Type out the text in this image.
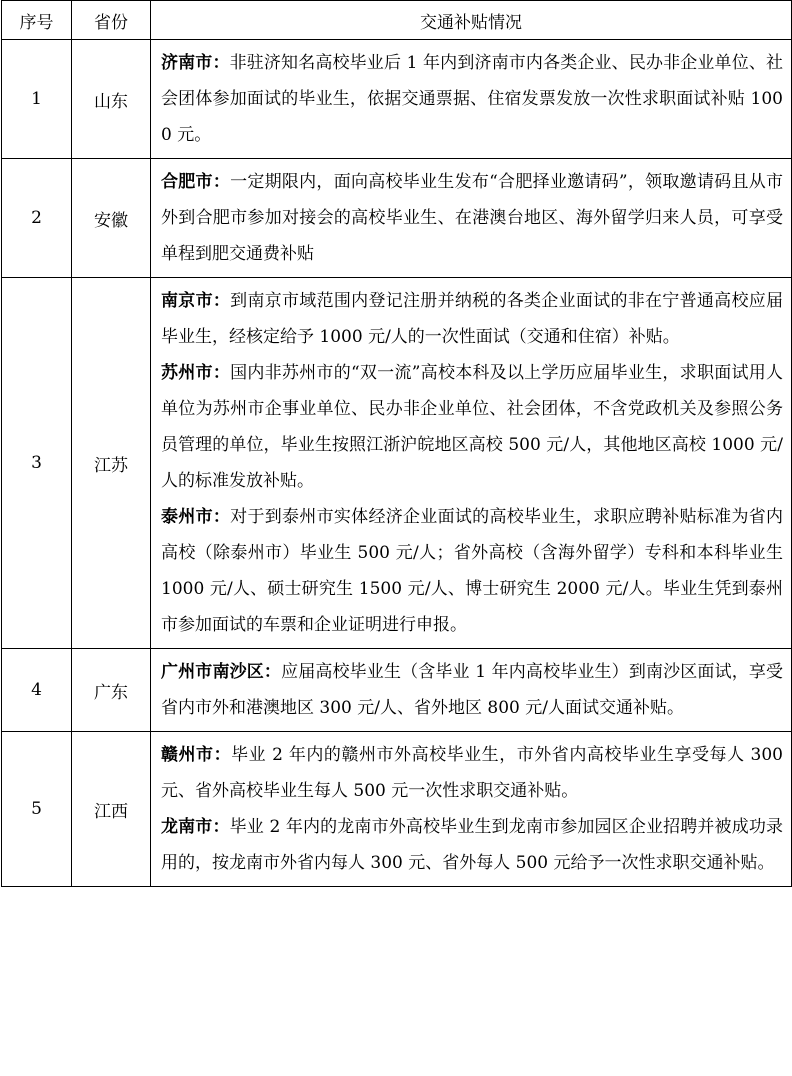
序号	省份	交通补贴情况
1	山东	济南市：非驻济知名高校毕业后 1 年内到济南市内各类企业、民办非企业单位、社会团体参加面试的毕业生，依据交通票据、住宿发票发放一次性求职面试补贴 1000 元。

2	安徽	合肥市：一定期限内，面向高校毕业生发布“合肥择业邀请码”，领取邀请码且从市外到合肥市参加对接会的高校毕业生、在港澳台地区、海外留学归来人员，可享受单程到肥交通费补贴

3	江苏	南京市：到南京市域范围内登记注册并纳税的各类企业面试的非在宁普通高校应届毕业生，经核定给予 1000 元/人的一次性面试（交通和住宿）补贴。

苏州市：国内非苏州市的“双一流”高校本科及以上学历应届毕业生，求职面试用人单位为苏州市企事业单位、民办非企业单位、社会团体，不含党政机关及参照公务员管理的单位，毕业生按照江浙沪皖地区高校 500 元/人，其他地区高校 1000 元/人的标准发放补贴。

泰州市：对于到泰州市实体经济企业面试的高校毕业生，求职应聘补贴标准为省内高校（除泰州市）毕业生 500 元/人；省外高校（含海外留学）专科和本科毕业生 1000 元/人、硕士研究生 1500 元/人、博士研究生 2000 元/人。毕业生凭到泰州市参加面试的车票和企业证明进行申报。

4	广东	广州市南沙区：应届高校毕业生（含毕业 1 年内高校毕业生）到南沙区面试，享受省内市外和港澳地区 300 元/人、省外地区 800 元/人面试交通补贴。

5	江西	赣州市：毕业 2 年内的赣州市外高校毕业生，市外省内高校毕业生享受每人 300 元、省外高校毕业生每人 500 元一次性求职交通补贴。

龙南市：毕业 2 年内的龙南市外高校毕业生到龙南市参加园区企业招聘并被成功录用的，按龙南市外省内每人 300 元、省外每人 500 元给予一次性求职交通补贴。
